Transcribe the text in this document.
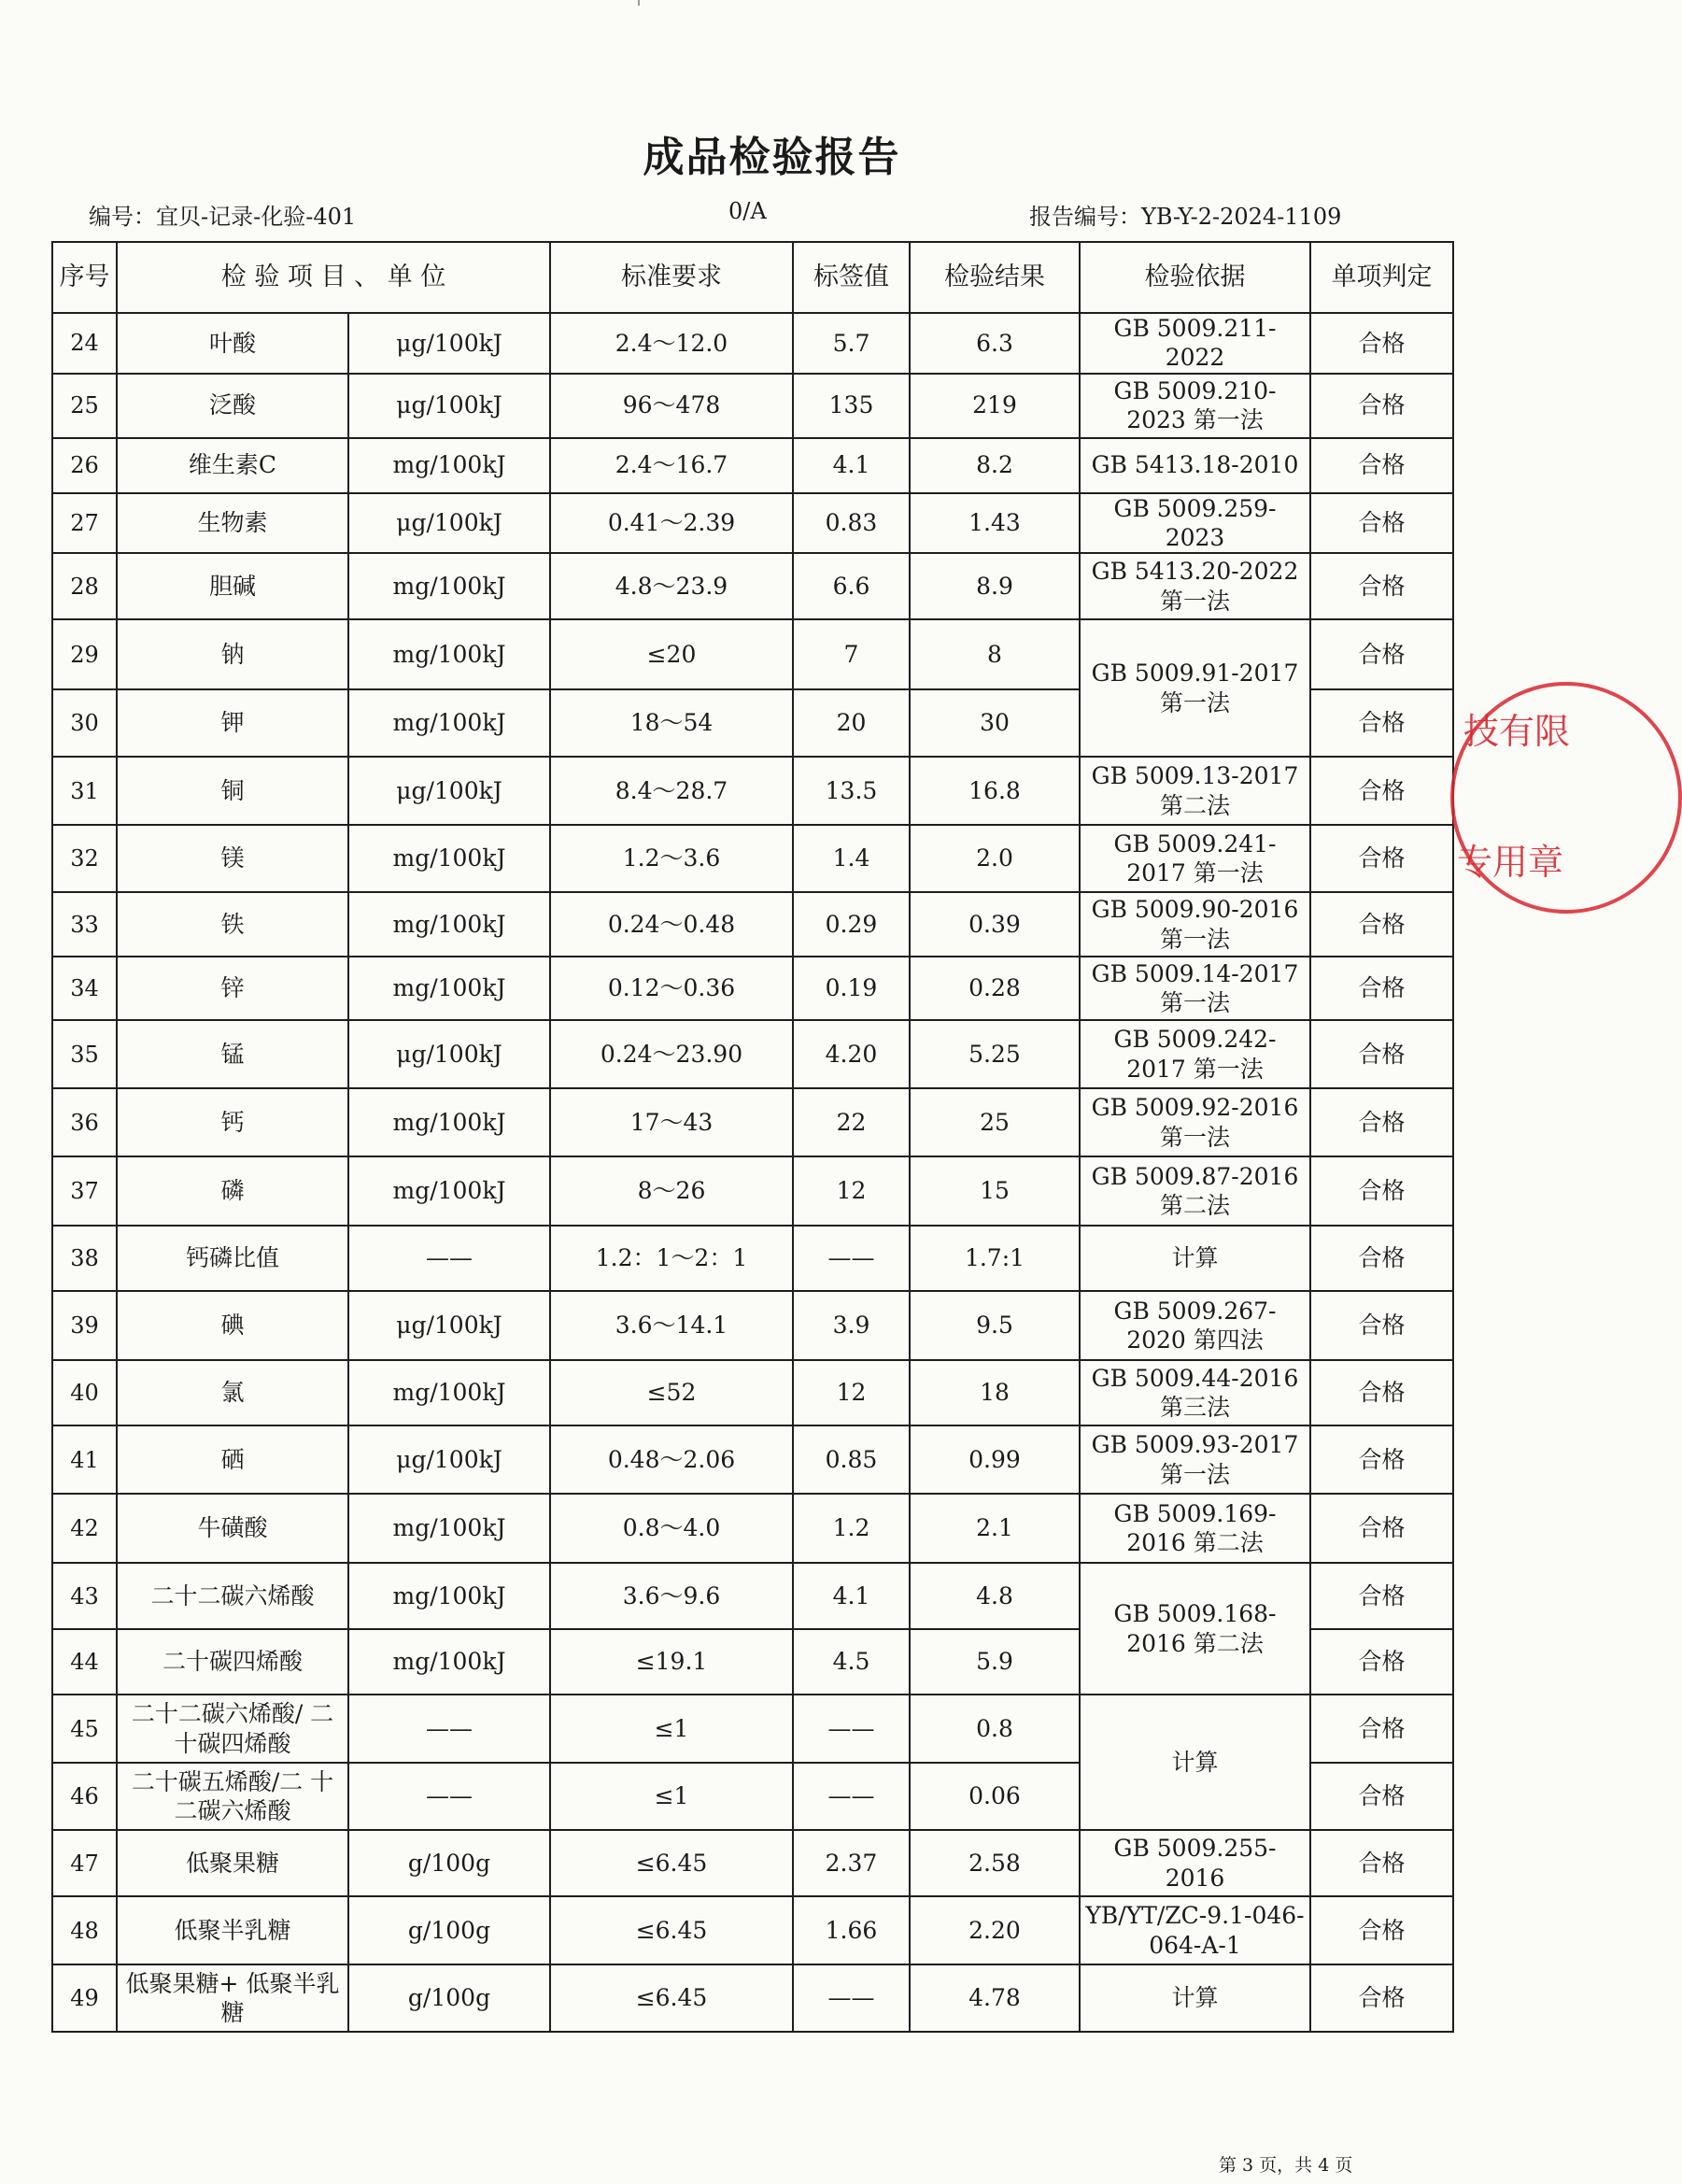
成品检验报告
编号：宜贝-记录-化验-401	0/A	报告编号：YB-Y-2-2024-1109
序号	检 验 项 目 、 单 位		标准要求	标签值	检验结果	检验依据	单项判定
24	叶酸	μg/100kJ	2.4～12.0	5.7	6.3	GB 5009.211-2022	合格
25	泛酸	μg/100kJ	96～478	135	219	GB 5009.210-2023 第一法	合格
26	维生素C	mg/100kJ	2.4～16.7	4.1	8.2	GB 5413.18-2010	合格
27	生物素	μg/100kJ	0.41～2.39	0.83	1.43	GB 5009.259-2023	合格
28	胆碱	mg/100kJ	4.8～23.9	6.6	8.9	GB 5413.20-2022 第一法	合格
29	钠	mg/100kJ	≤20	7	8	GB 5009.91-2017 第一法	合格
30	钾	mg/100kJ	18～54	20	30		合格
31	铜	μg/100kJ	8.4～28.7	13.5	16.8	GB 5009.13-2017 第二法	合格
32	镁	mg/100kJ	1.2～3.6	1.4	2.0	GB 5009.241-2017 第一法	合格
33	铁	mg/100kJ	0.24～0.48	0.29	0.39	GB 5009.90-2016 第一法	合格
34	锌	mg/100kJ	0.12～0.36	0.19	0.28	GB 5009.14-2017 第一法	合格
35	锰	μg/100kJ	0.24～23.90	4.20	5.25	GB 5009.242-2017 第一法	合格
36	钙	mg/100kJ	17～43	22	25	GB 5009.92-2016 第一法	合格
37	磷	mg/100kJ	8～26	12	15	GB 5009.87-2016 第二法	合格
38	钙磷比值	——	1.2：1～2：1	——	1.7:1	计算	合格
39	碘	μg/100kJ	3.6～14.1	3.9	9.5	GB 5009.267-2020 第四法	合格
40	氯	mg/100kJ	≤52	12	18	GB 5009.44-2016 第三法	合格
41	硒	μg/100kJ	0.48～2.06	0.85	0.99	GB 5009.93-2017 第一法	合格
42	牛磺酸	mg/100kJ	0.8～4.0	1.2	2.1	GB 5009.169-2016 第二法	合格
43	二十二碳六烯酸	mg/100kJ	3.6～9.6	4.1	4.8	GB 5009.168-2016 第二法	合格
44	二十碳四烯酸	mg/100kJ	≤19.1	4.5	5.9		合格
45	二十二碳六烯酸/ 二十碳四烯酸	——	≤1	——	0.8	计算	合格
46	二十碳五烯酸/二 十二碳六烯酸	——	≤1	——	0.06		合格
47	低聚果糖	g/100g	≤6.45	2.37	2.58	GB 5009.255-2016	合格
48	低聚半乳糖	g/100g	≤6.45	1.66	2.20	YB/YT/ZC-9.1-046-064-A-1	合格
49	低聚果糖+ 低聚半乳糖	g/100g	≤6.45	——	4.78	计算	合格
技有限
专用章
第 3 页，共 4 页
